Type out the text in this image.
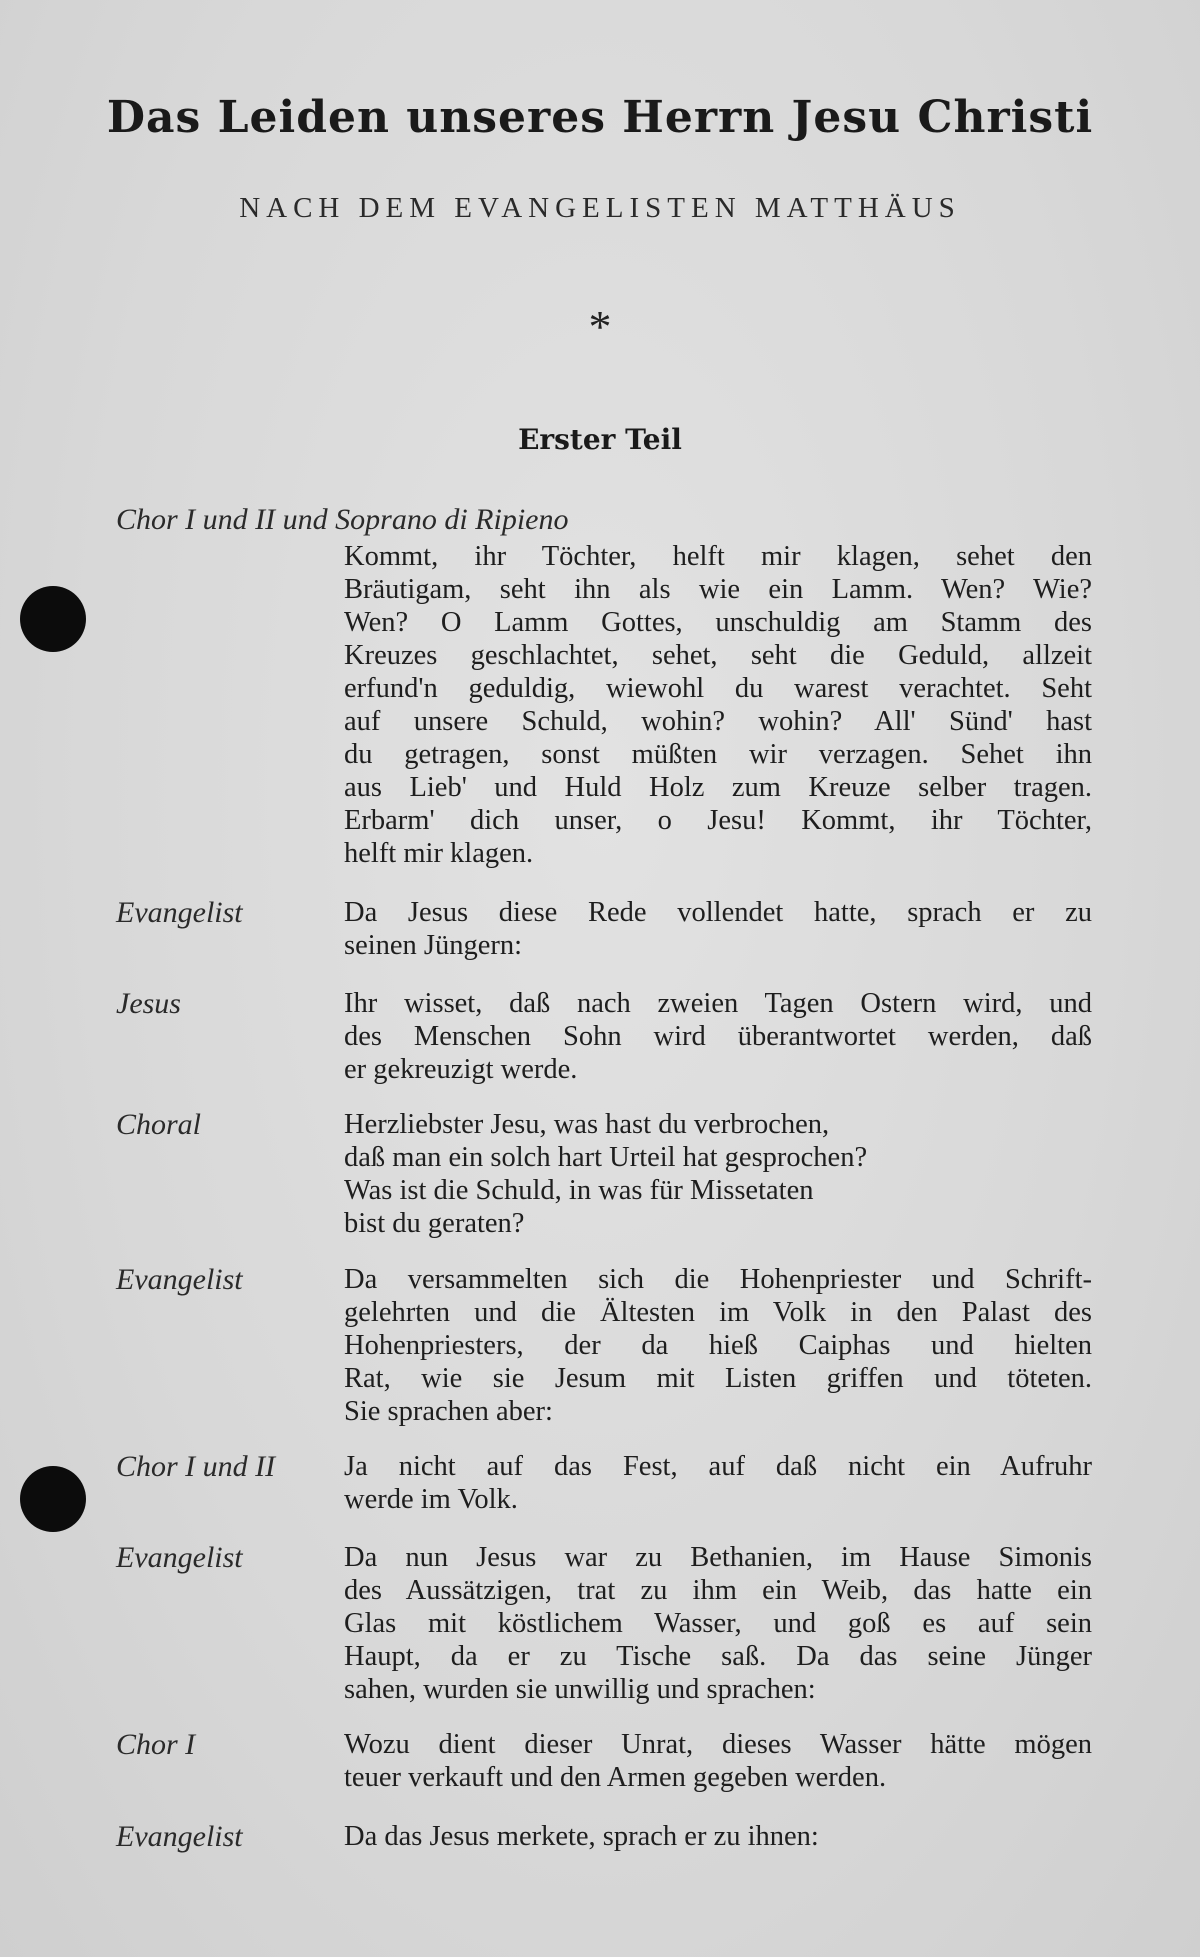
Das Leiden unseres Herrn Jesu Christi
NACH DEM EVANGELISTEN MATTHÄUS
*
Erster Teil
Chor I und II und Soprano di Ripieno
Kommt, ihr Töchter, helft mir klagen, sehet den
Bräutigam, seht ihn als wie ein Lamm. Wen? Wie?
Wen? O Lamm Gottes, unschuldig am Stamm des
Kreuzes geschlachtet, sehet, seht die Geduld, allzeit
erfund'n geduldig, wiewohl du warest verachtet. Seht
auf unsere Schuld, wohin? wohin? All' Sünd' hast
du getragen, sonst müßten wir verzagen. Sehet ihn
aus Lieb' und Huld Holz zum Kreuze selber tragen.
Erbarm' dich unser, o Jesu! Kommt, ihr Töchter,
helft mir klagen.
Evangelist	Da Jesus diese Rede vollendet hatte, sprach er zu
seinen Jüngern:
Jesus	Ihr wisset, daß nach zweien Tagen Ostern wird, und
des Menschen Sohn wird überantwortet werden, daß
er gekreuzigt werde.
Choral	Herzliebster Jesu, was hast du verbrochen,
daß man ein solch hart Urteil hat gesprochen?
Was ist die Schuld, in was für Missetaten
bist du geraten?
Evangelist	Da versammelten sich die Hohenpriester und Schrift-
gelehrten und die Ältesten im Volk in den Palast des
Hohenpriesters, der da hieß Caiphas und hielten
Rat, wie sie Jesum mit Listen griffen und töteten.
Sie sprachen aber:
Chor I und II	Ja nicht auf das Fest, auf daß nicht ein Aufruhr
werde im Volk.
Evangelist	Da nun Jesus war zu Bethanien, im Hause Simonis
des Aussätzigen, trat zu ihm ein Weib, das hatte ein
Glas mit köstlichem Wasser, und goß es auf sein
Haupt, da er zu Tische saß. Da das seine Jünger
sahen, wurden sie unwillig und sprachen:
Chor I	Wozu dient dieser Unrat, dieses Wasser hätte mögen
teuer verkauft und den Armen gegeben werden.
Evangelist	Da das Jesus merkete, sprach er zu ihnen:
